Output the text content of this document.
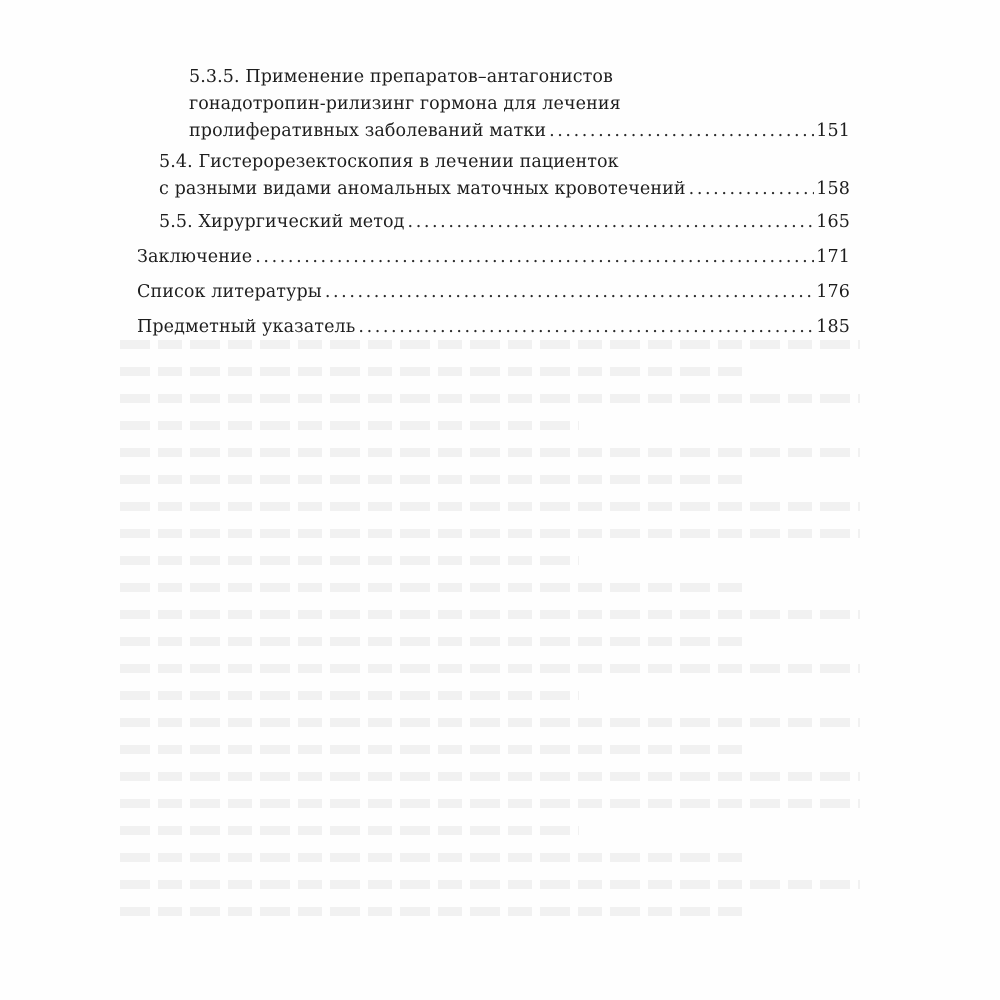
5.3.5. Применение препаратов–антагонистов
гонадотропин-рилизинг гормона для лечения
пролиферативных заболеваний матки .....	151
5.4. Гистерорезектоскопия в лечении пациенток
с разными видами аномальных маточных кровотечений .....	158
5.5. Хирургический метод .....	165
Заключение .....	171
Список литературы .....	176
Предметный указатель .....	185
